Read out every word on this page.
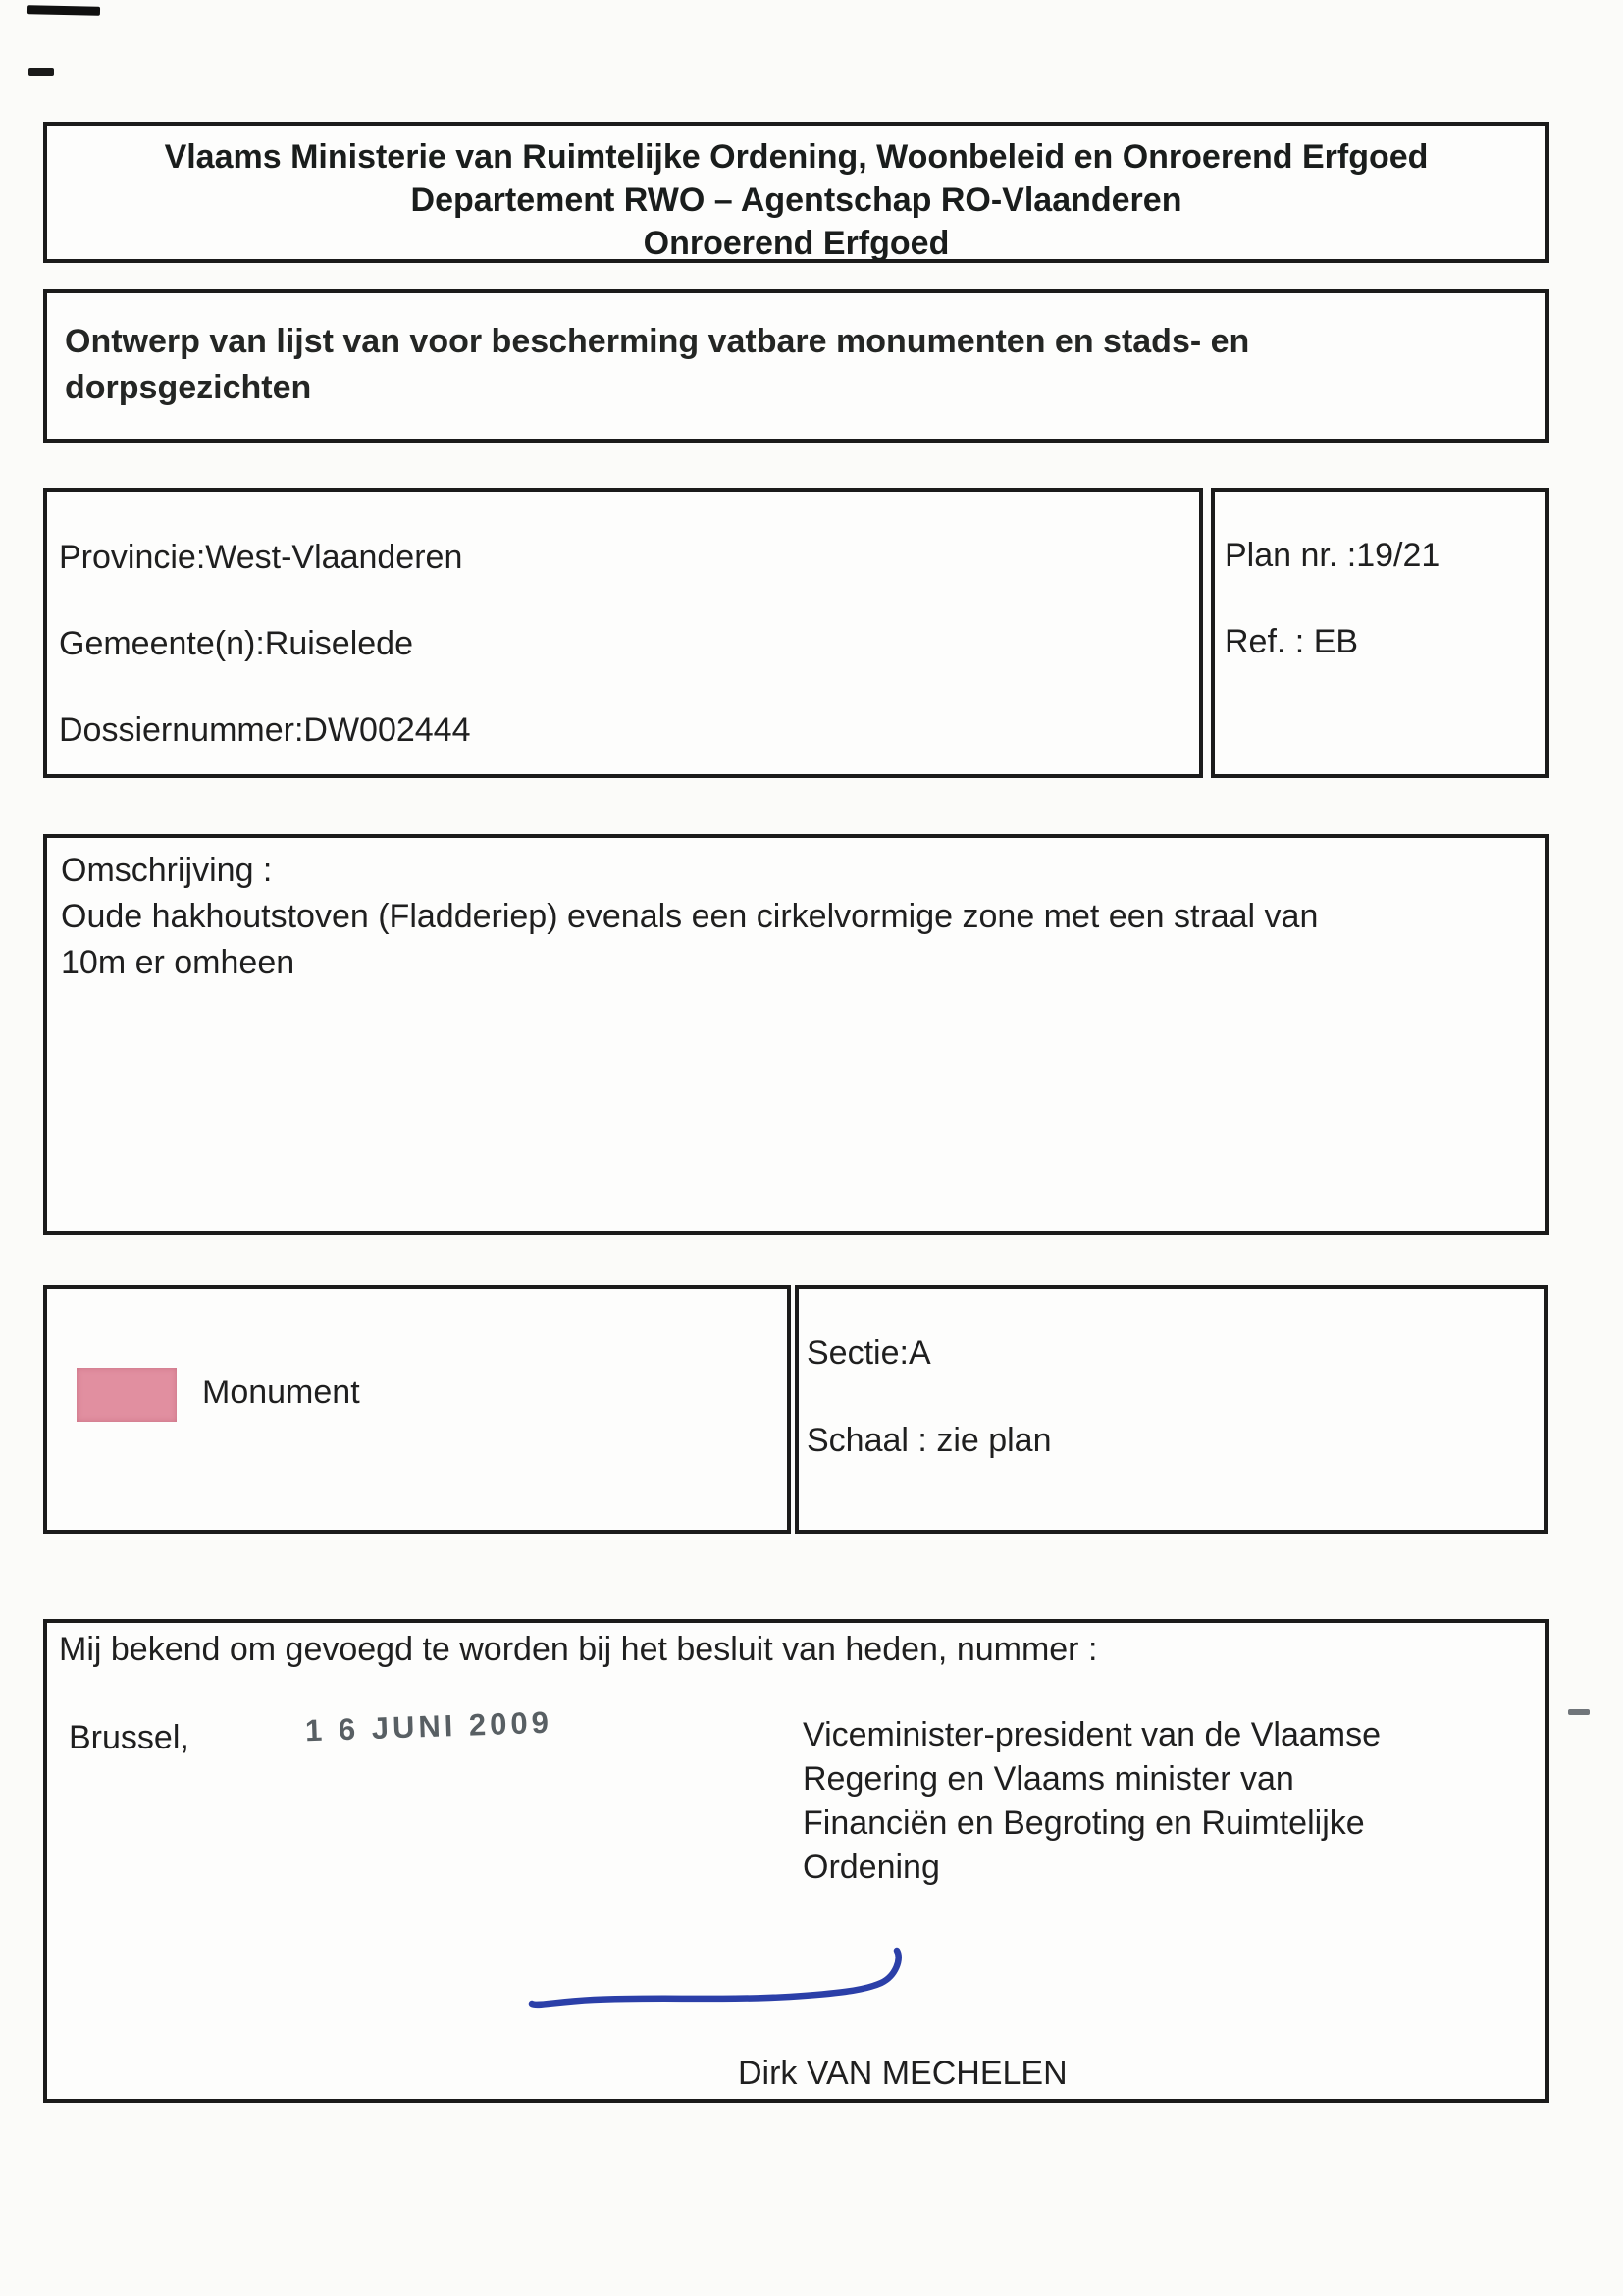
Vlaams Ministerie van Ruimtelijke Ordening, Woonbeleid en Onroerend Erfgoed
Departement RWO – Agentschap RO-Vlaanderen
Onroerend Erfgoed
Ontwerp van lijst van voor bescherming vatbare monumenten en stads- en
dorpsgezichten

Provincie:West-Vlaanderen

Gemeente(n):Ruiselede

Dossiernummer:DW002444

Plan nr. :19/21

Ref. : EB

Omschrijving :
Oude hakhoutstoven (Fladderiep) evenals een cirkelvormige zone met een straal van
10m er omheen
Monument

Sectie:A

Schaal : zie plan

Mij bekend om gevoegd te worden bij het besluit van heden, nummer :

Brussel,	1 6 JUNI 2009	Viceminister-president van de Vlaamse
Regering en Vlaams minister van
Financiën en Begroting en Ruimtelijke
Ordening

Dirk VAN MECHELEN
